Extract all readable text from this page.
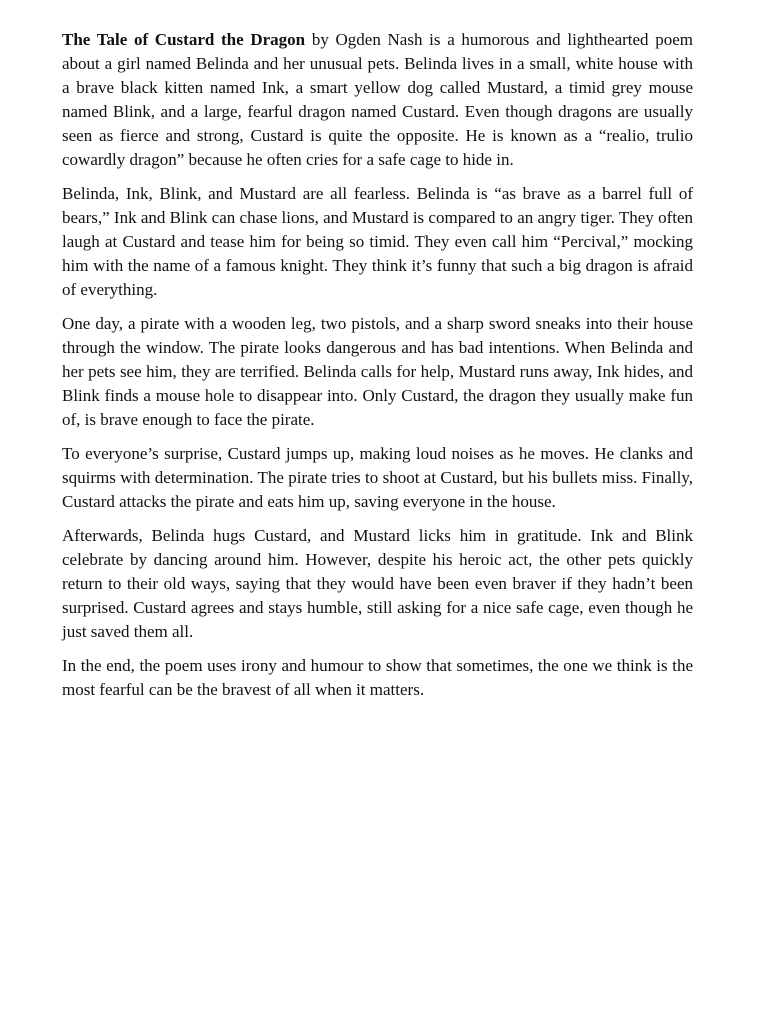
The Tale of Custard the Dragon by Ogden Nash is a humorous and lighthearted poem about a girl named Belinda and her unusual pets. Belinda lives in a small, white house with a brave black kitten named Ink, a smart yellow dog called Mustard, a timid grey mouse named Blink, and a large, fearful dragon named Custard. Even though dragons are usually seen as fierce and strong, Custard is quite the opposite. He is known as a “realio, trulio cowardly dragon” because he often cries for a safe cage to hide in.

Belinda, Ink, Blink, and Mustard are all fearless. Belinda is “as brave as a barrel full of bears,” Ink and Blink can chase lions, and Mustard is compared to an angry tiger. They often laugh at Custard and tease him for being so timid. They even call him “Percival,” mocking him with the name of a famous knight. They think it’s funny that such a big dragon is afraid of everything.

One day, a pirate with a wooden leg, two pistols, and a sharp sword sneaks into their house through the window. The pirate looks dangerous and has bad intentions. When Belinda and her pets see him, they are terrified. Belinda calls for help, Mustard runs away, Ink hides, and Blink finds a mouse hole to disappear into. Only Custard, the dragon they usually make fun of, is brave enough to face the pirate.

To everyone’s surprise, Custard jumps up, making loud noises as he moves. He clanks and squirms with determination. The pirate tries to shoot at Custard, but his bullets miss. Finally, Custard attacks the pirate and eats him up, saving everyone in the house.

Afterwards, Belinda hugs Custard, and Mustard licks him in gratitude. Ink and Blink celebrate by dancing around him. However, despite his heroic act, the other pets quickly return to their old ways, saying that they would have been even braver if they hadn’t been surprised. Custard agrees and stays humble, still asking for a nice safe cage, even though he just saved them all.

In the end, the poem uses irony and humour to show that sometimes, the one we think is the most fearful can be the bravest of all when it matters.
